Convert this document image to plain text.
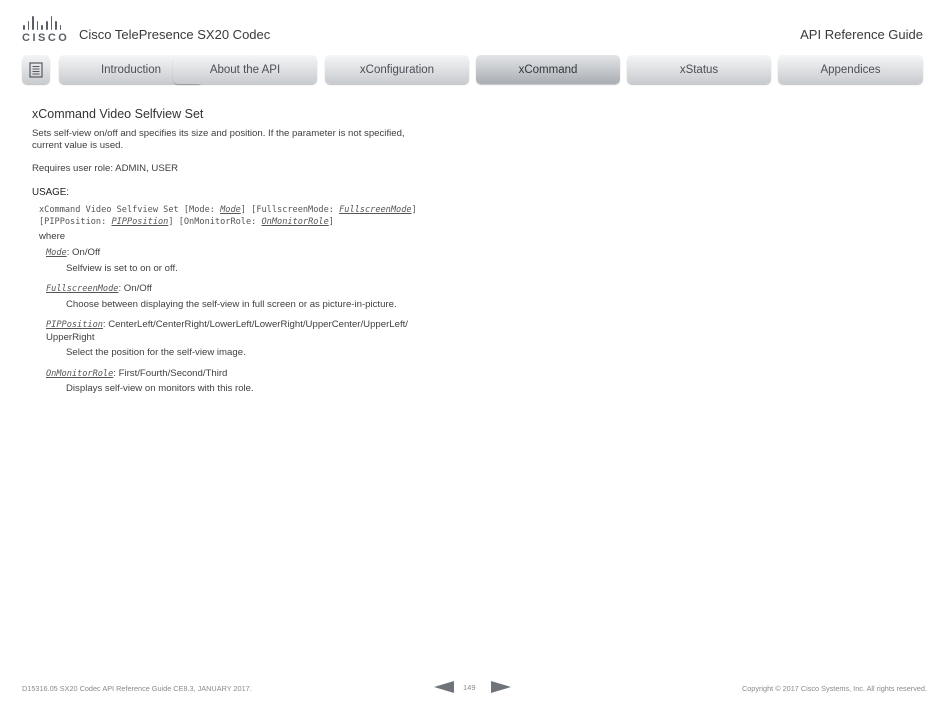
CISCO Cisco TelePresence SX20 Codec	API Reference Guide
Introduction	About the API	xConfiguration	xCommand	xStatus	Appendices
xCommand Video Selfview Set
Sets self-view on/off and specifies its size and position. If the parameter is not specified, current value is used.
Requires user role: ADMIN, USER
USAGE:
xCommand Video Selfview Set [Mode: Mode] [FullscreenMode: FullscreenMode]
[PIPPosition: PIPPosition] [OnMonitorRole: OnMonitorRole]
where
Mode: On/Off
Selfview is set to on or off.
FullscreenMode: On/Off
Choose between displaying the self-view in full screen or as picture-in-picture.
PIPPosition: CenterLeft/CenterRight/LowerLeft/LowerRight/UpperCenter/UpperLeft/ UpperRight
Select the position for the self-view image.
OnMonitorRole: First/Fourth/Second/Third
Displays self-view on monitors with this role.
D15316.05 SX20 Codec API Reference Guide CE8.3, JANUARY 2017.	149	Copyright © 2017 Cisco Systems, Inc. All rights reserved.
